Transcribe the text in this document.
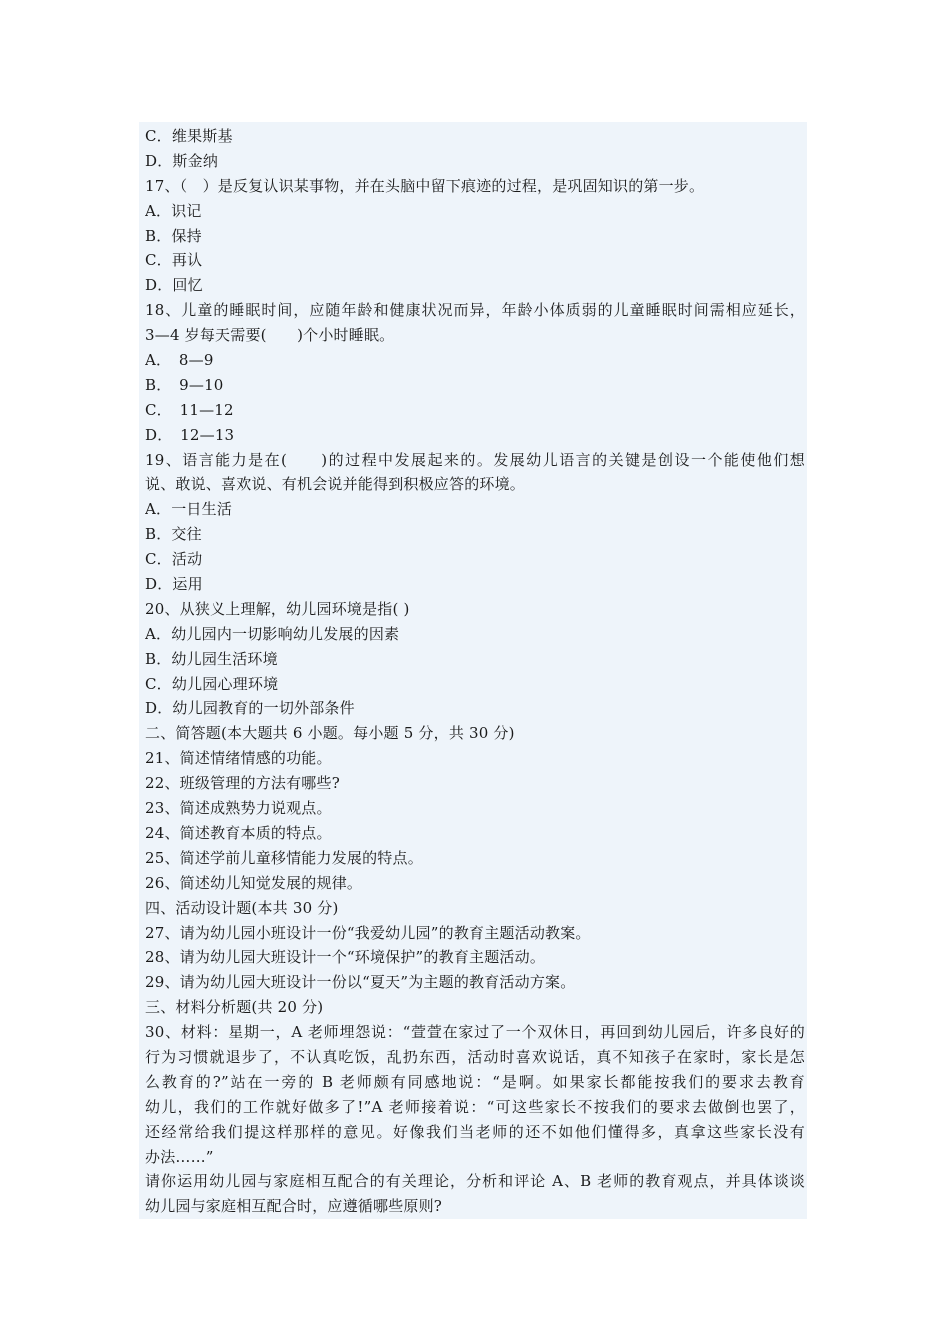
C．维果斯基
D．斯金纳
17、（　）是反复认识某事物，并在头脑中留下痕迹的过程，是巩固知识的第一步。
A．识记
B．保持
C．再认
D．回忆
18、儿童的睡眠时间，应随年龄和健康状况而异，年龄小体质弱的儿童睡眠时间需相应延长，
3—4 岁每天需要(　　)个小时睡眠。
A．　8—9
B．　9—10
C．　11—12
D．　12—13
19、语言能力是在(　　)的过程中发展起来的。发展幼儿语言的关键是创设一个能使他们想
说、敢说、喜欢说、有机会说并能得到积极应答的环境。
A．一日生活
B．交往
C．活动
D．运用
20、从狭义上理解，幼儿园环境是指( )
A．幼儿园内一切影响幼儿发展的因素
B．幼儿园生活环境
C．幼儿园心理环境
D．幼儿园教育的一切外部条件
二、简答题(本大题共 6 小题。每小题 5 分，共 30 分)
21、简述情绪情感的功能。
22、班级管理的方法有哪些?
23、简述成熟势力说观点。
24、简述教育本质的特点。
25、简述学前儿童移情能力发展的特点。
26、简述幼儿知觉发展的规律。
四、活动设计题(本共 30 分)
27、请为幼儿园小班设计一份“我爱幼儿园”的教育主题活动教案。
28、请为幼儿园大班设计一个“环境保护”的教育主题活动。
29、请为幼儿园大班设计一份以“夏天”为主题的教育活动方案。
三、材料分析题(共 20 分)
30、材料：星期一，A 老师埋怨说：“萱萱在家过了一个双休日，再回到幼儿园后，许多良好的
行为习惯就退步了，不认真吃饭，乱扔东西，活动时喜欢说话，真不知孩子在家时，家长是怎
么教育的?”站在一旁的 B 老师颇有同感地说：“是啊。如果家长都能按我们的要求去教育
幼儿，我们的工作就好做多了!”A 老师接着说：“可这些家长不按我们的要求去做倒也罢了，
还经常给我们提这样那样的意见。好像我们当老师的还不如他们懂得多，真拿这些家长没有
办法……”
请你运用幼儿园与家庭相互配合的有关理论，分析和评论 A、B 老师的教育观点，并具体谈谈
幼儿园与家庭相互配合时，应遵循哪些原则?
